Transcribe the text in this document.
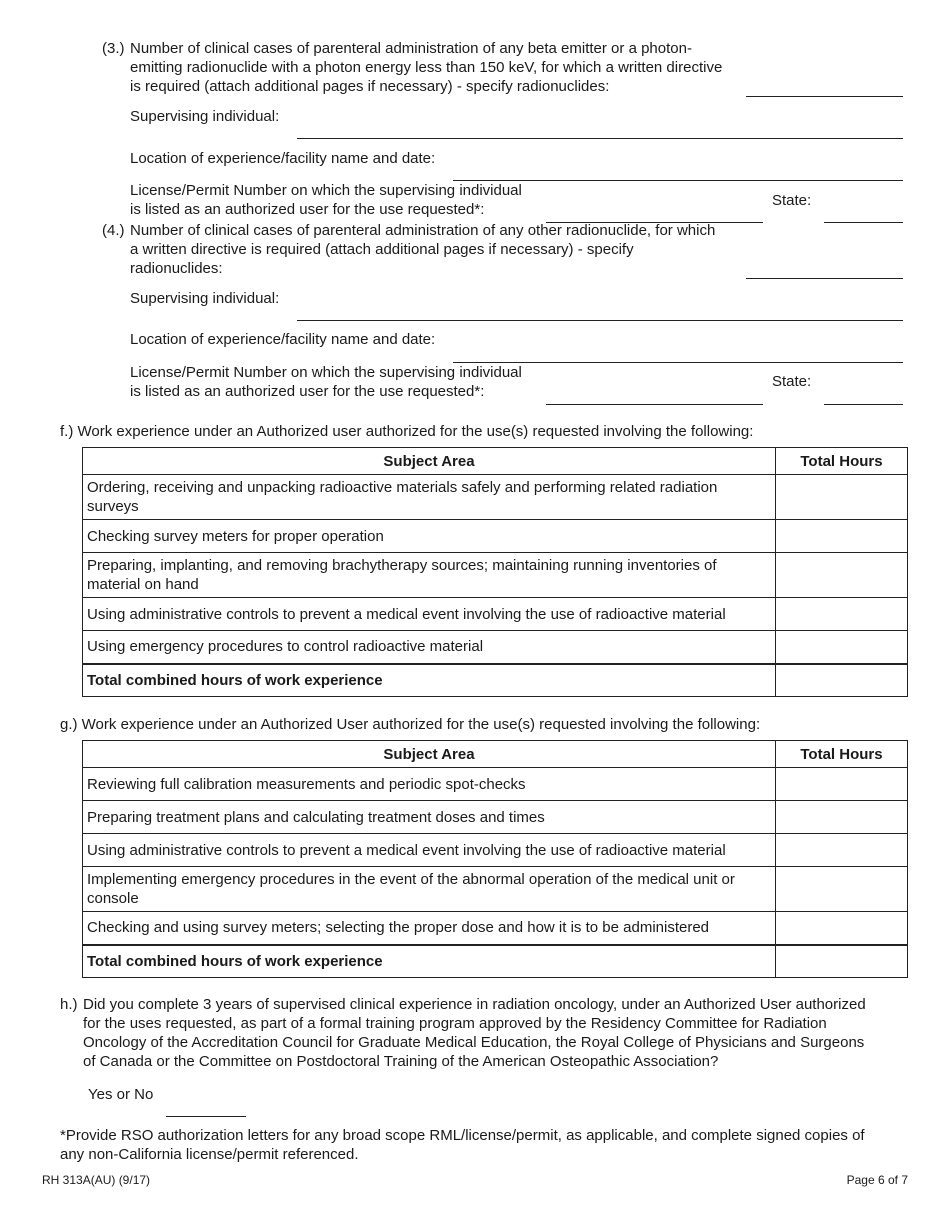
(3.) Number of clinical cases of parenteral administration of any beta emitter or a photon-
emitting radionuclide with a photon energy less than 150 keV, for which a written directive
is required (attach additional pages if necessary) - specify radionuclides:
Supervising individual:
Location of experience/facility name and date:
License/Permit Number on which the supervising individual
is listed as an authorized user for the use requested*:
State:
(4.) Number of clinical cases of parenteral administration of any other radionuclide, for which
a written directive is required (attach additional pages if necessary) - specify
radionuclides:
Supervising individual:
Location of experience/facility name and date:
License/Permit Number on which the supervising individual
is listed as an authorized user for the use requested*:
State:
f.) Work experience under an Authorized user authorized for the use(s) requested involving the following:
Subject Area	Total Hours
Ordering, receiving and unpacking radioactive materials safely and performing related radiation surveys	
Checking survey meters for proper operation	
Preparing, implanting, and removing brachytherapy sources; maintaining running inventories of material on hand	
Using administrative controls to prevent a medical event involving the use of radioactive material	
Using emergency procedures to control radioactive material	
Total combined hours of work experience	
g.) Work experience under an Authorized User authorized for the use(s) requested involving the following:
Subject Area	Total Hours
Reviewing full calibration measurements and periodic spot-checks	
Preparing treatment plans and calculating treatment doses and times	
Using administrative controls to prevent a medical event involving the use of radioactive material	
Implementing emergency procedures in the event of the abnormal operation of the medical unit or console	
Checking and using survey meters; selecting the proper dose and how it is to be administered	
Total combined hours of work experience	
h.) Did you complete 3 years of supervised clinical experience in radiation oncology, under an Authorized User authorized
for the uses requested, as part of a formal training program approved by the Residency Committee for Radiation
Oncology of the Accreditation Council for Graduate Medical Education, the Royal College of Physicians and Surgeons
of Canada or the Committee on Postdoctoral Training of the American Osteopathic Association?
Yes or No
*Provide RSO authorization letters for any broad scope RML/license/permit, as applicable, and complete signed copies of
any non-California license/permit referenced.
RH 313A(AU) (9/17)	Page 6 of 7
